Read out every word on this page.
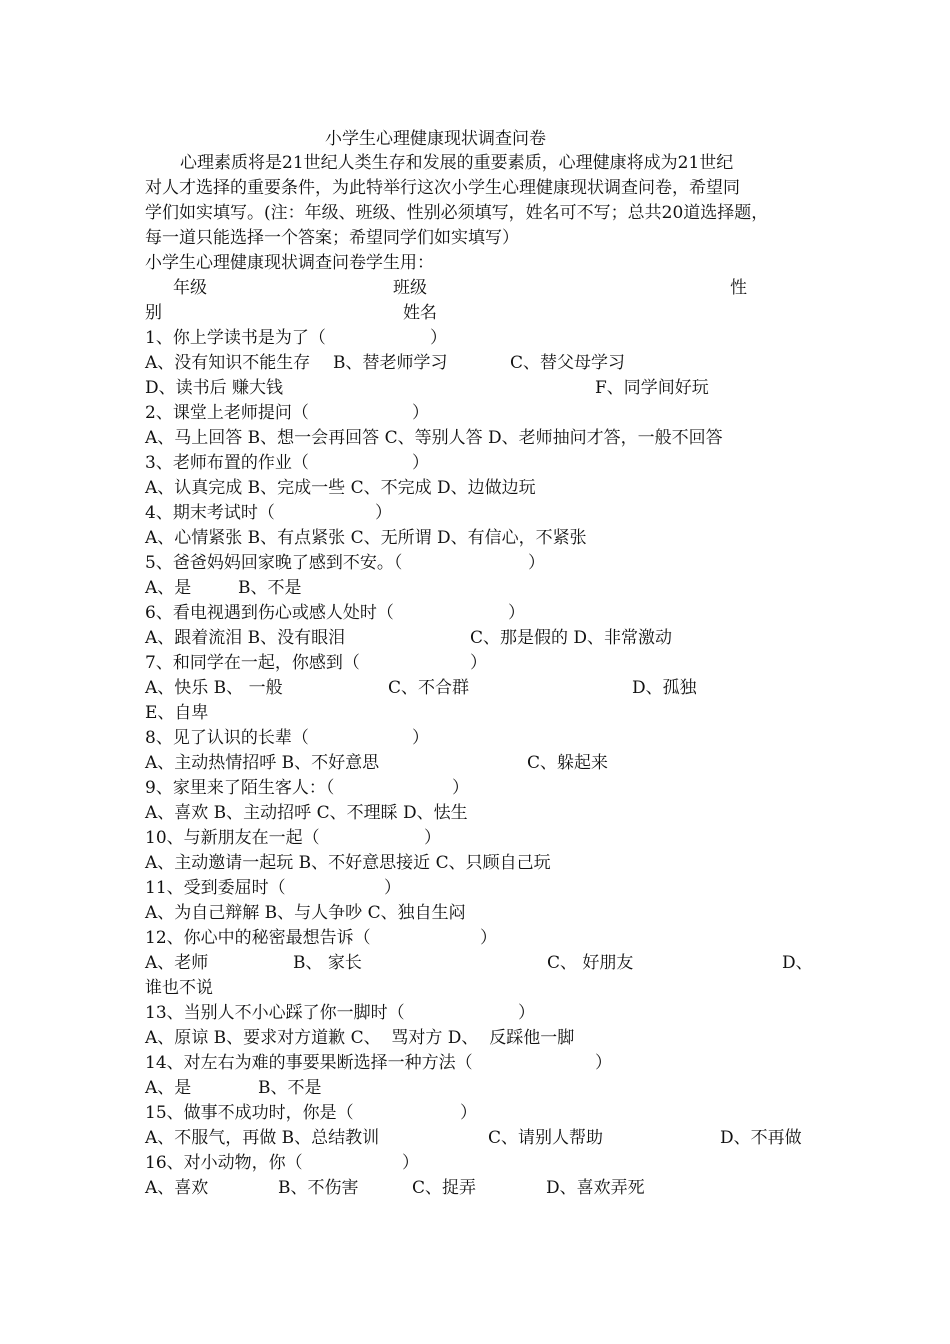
小学生心理健康现状调查问卷
心理素质将是21世纪人类生存和发展的重要素质，心理健康将成为21世纪
对人才选择的重要条件，为此特举行这次小学生心理健康现状调查问卷，希望同
学们如实填写。(注：年级、班级、性别必须填写，姓名可不写；总共20道选择题，
每一道只能选择一个答案；希望同学们如实填写）
小学生心理健康现状调查问卷学生用：
年级	班级	性
别	姓名
1、你上学读书是为了（	）
A、没有知识不能生存 B、替老师学习	C、替父母学习
D、读书后 赚大钱	F、同学间好玩
2、课堂上老师提问（	）
A、马上回答 B、想一会再回答 C、等别人答 D、老师抽问才答，一般不回答
3、老师布置的作业（	）
A、认真完成 B、完成一些 C、不完成 D、边做边玩
4、期末考试时（	）
A、心情紧张 B、有点紧张 C、无所谓 D、有信心，不紧张
5、爸爸妈妈回家晚了感到不安。（	）
A、是	B、不是
6、看电视遇到伤心或感人处时（	）
A、跟着流泪 B、没有眼泪	C、那是假的 D、非常激动
7、和同学在一起，你感到（	）
A、快乐 B、 一般	C、不合群	D、孤独
E、自卑
8、见了认识的长辈（	）
A、主动热情招呼 B、不好意思	C、躲起来
9、家里来了陌生客人：（	）
A、喜欢 B、主动招呼 C、不理睬 D、怯生
10、与新朋友在一起（	）
A、主动邀请一起玩 B、不好意思接近 C、只顾自己玩
11、受到委屈时（	）
A、为自己辩解 B、与人争吵 C、独自生闷
12、你心中的秘密最想告诉（	）
A、老师	B、 家长	C、 好朋友	D、
谁也不说
13、当别人不小心踩了你一脚时（	）
A、原谅 B、要求对方道歉 C、  骂对方 D、  反踩他一脚
14、对左右为难的事要果断选择一种方法（	）
A、是	B、不是
15、做事不成功时，你是（	）
A、不服气，再做 B、总结教训	C、请别人帮助	D、不再做
16、对小动物，你（	）
A、喜欢	B、不伤害	C、捉弄	D、喜欢弄死
